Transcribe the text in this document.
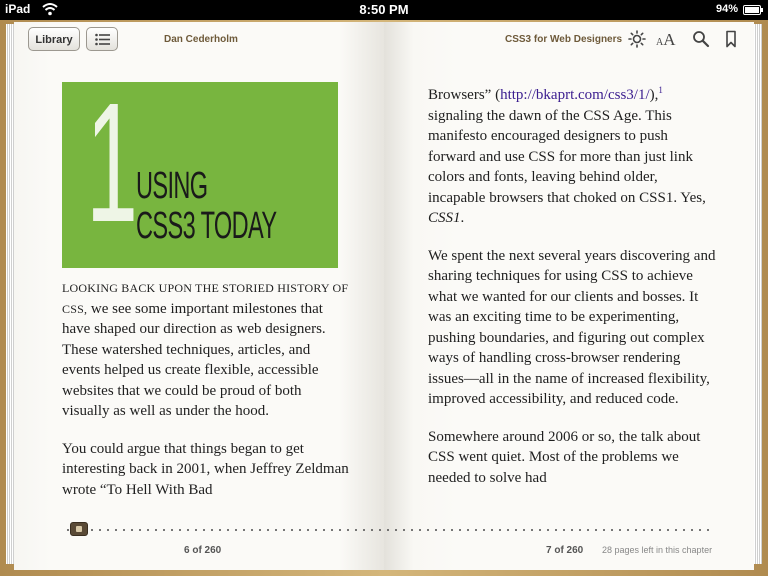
iPad	8:50 PM	94%
Library	Dan Cederholm
1
USING
CSS3 TODAY

LOOKING BACK UPON THE STORIED HISTORY OF CSS, we see some important milestones that have shaped our direction as web designers. These watershed techniques, articles, and events helped us create flexible, accessible websites that we could be proud of both visually as well as under the hood.

You could argue that things began to get interesting back in 2001, when Jeffrey Zeldman wrote “To Hell With Bad

6 of 260
CSS3 for Web Designers	AA

Browsers” (http://bkaprt.com/css3/1/),$^1$ signaling the dawn of the CSS Age. This manifesto encouraged designers to push forward and use CSS for more than just link colors and fonts, leaving behind older, incapable browsers that choked on CSS1. Yes, CSS1.

We spent the next several years discovering and sharing techniques for using CSS to achieve what we wanted for our clients and bosses. It was an exciting time to be experimenting, pushing boundaries, and figuring out complex ways of handling cross-browser rendering issues—all in the name of increased flexibility, improved accessibility, and reduced code.

Somewhere around 2006 or so, the talk about CSS went quiet. Most of the problems we needed to solve had

7 of 260 28 pages left in this chapter
